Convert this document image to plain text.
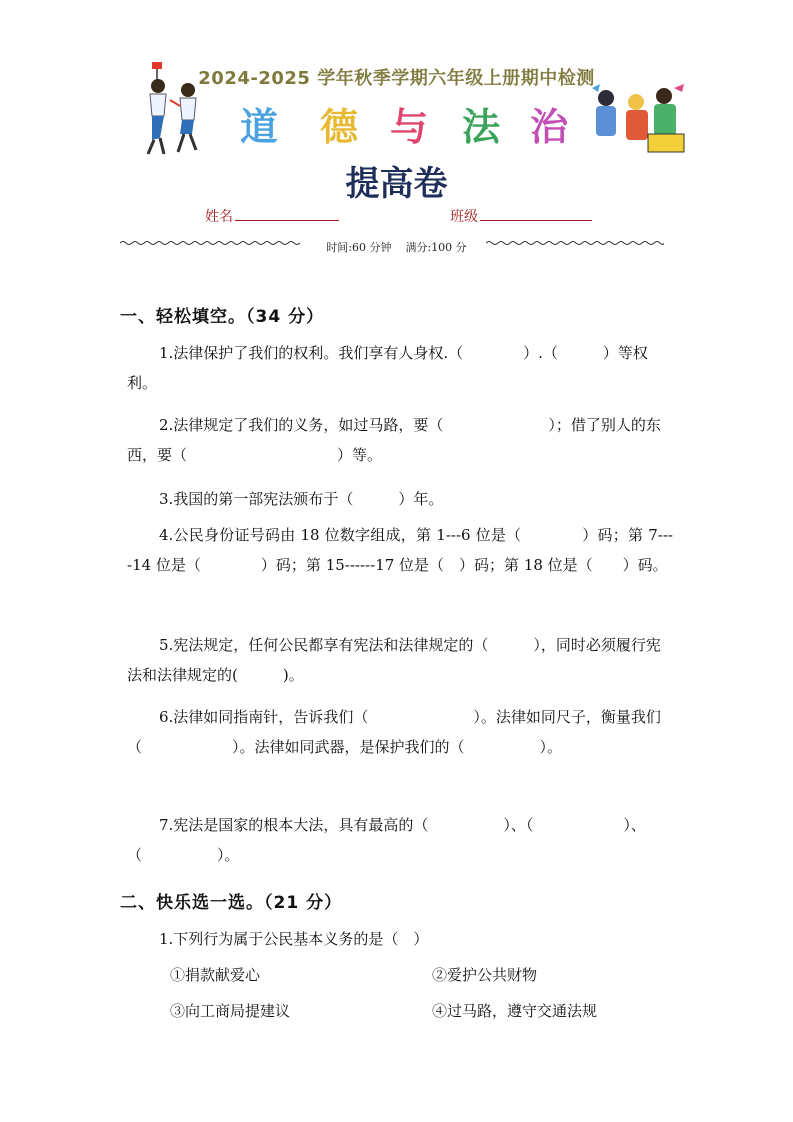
2024-2025 学年秋季学期六年级上册期中检测
道 德 与 法 治
提高卷
姓名	班级
时间:60 分钟    满分:100 分
一、轻松填空。（34 分）

1.法律保护了我们的权利。我们享有人身权.（　　　　）.（　　　）等权利。

2.法律规定了我们的义务，如过马路，要（　　　　　　　）；借了别人的东西，要（　　　　　　　　　　）等。

3.我国的第一部宪法颁布于（　　　）年。

4.公民身份证号码由 18 位数字组成，第 1---6 位是（　　　　）码；第 7----14 位是（　　　　）码；第 15------17 位是（　）码；第 18 位是（　　）码。

5.宪法规定，任何公民都享有宪法和法律规定的（　　　），同时必须履行宪法和法律规定的(　　　)。

6.法律如同指南针，告诉我们（　　　　　　　）。法律如同尺子，衡量我们（　　　　　　）。法律如同武器，是保护我们的（　　　　　）。

7.宪法是国家的根本大法，具有最高的（　　　　　）、（　　　　　　）、（　　　　　）。

二、快乐选一选。（21 分）

1.下列行为属于公民基本义务的是（　）

①捐款献爱心	②爱护公共财物
③向工商局提建议	④过马路，遵守交通法规
